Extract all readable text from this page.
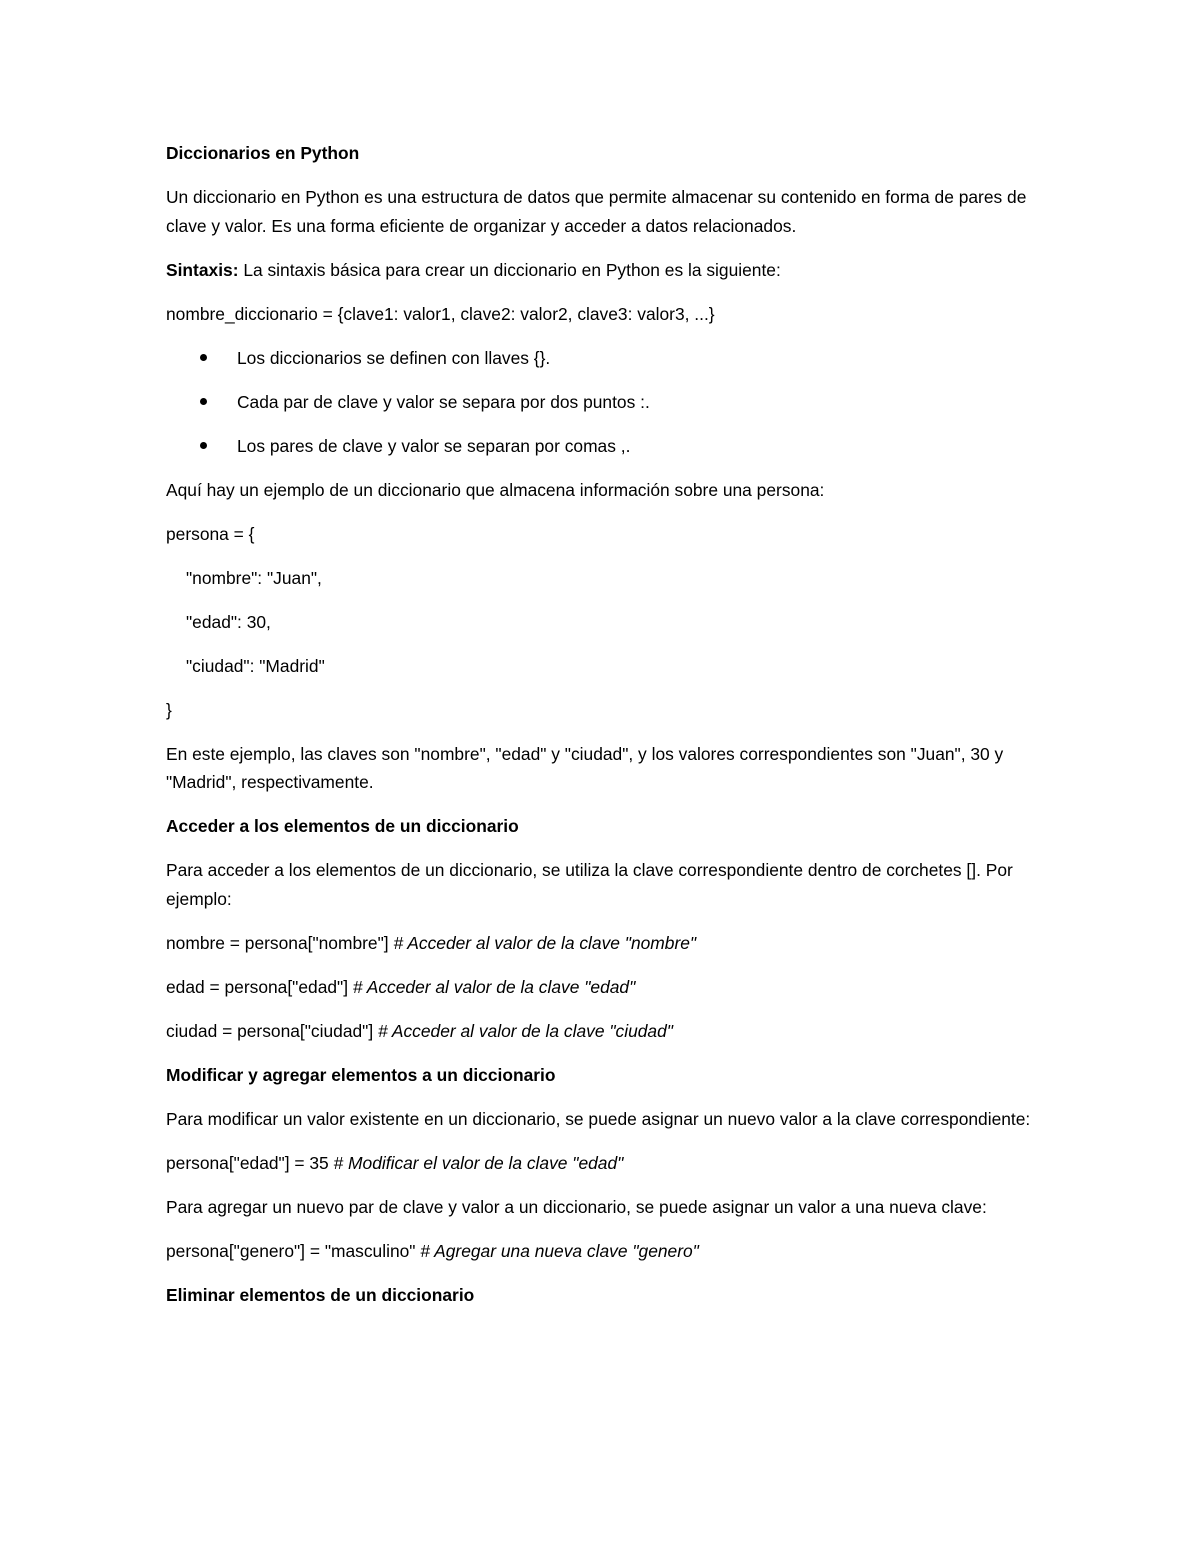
Diccionarios en Python

Un diccionario en Python es una estructura de datos que permite almacenar su contenido en forma de pares de clave y valor. Es una forma eficiente de organizar y acceder a datos relacionados.

Sintaxis: La sintaxis básica para crear un diccionario en Python es la siguiente:

nombre_diccionario = {clave1: valor1, clave2: valor2, clave3: valor3, ...}

Los diccionarios se definen con llaves {}.
Cada par de clave y valor se separa por dos puntos :.
Los pares de clave y valor se separan por comas ,.

Aquí hay un ejemplo de un diccionario que almacena información sobre una persona:

persona = {

"nombre": "Juan",

"edad": 30,

"ciudad": "Madrid"

}

En este ejemplo, las claves son "nombre", "edad" y "ciudad", y los valores correspondientes son "Juan", 30 y "Madrid", respectivamente.

Acceder a los elementos de un diccionario

Para acceder a los elementos de un diccionario, se utiliza la clave correspondiente dentro de corchetes []. Por ejemplo:

nombre = persona["nombre"] # Acceder al valor de la clave "nombre"

edad = persona["edad"] # Acceder al valor de la clave "edad"

ciudad = persona["ciudad"] # Acceder al valor de la clave "ciudad"

Modificar y agregar elementos a un diccionario

Para modificar un valor existente en un diccionario, se puede asignar un nuevo valor a la clave correspondiente:

persona["edad"] = 35 # Modificar el valor de la clave "edad"

Para agregar un nuevo par de clave y valor a un diccionario, se puede asignar un valor a una nueva clave:

persona["genero"] = "masculino" # Agregar una nueva clave "genero"

Eliminar elementos de un diccionario
